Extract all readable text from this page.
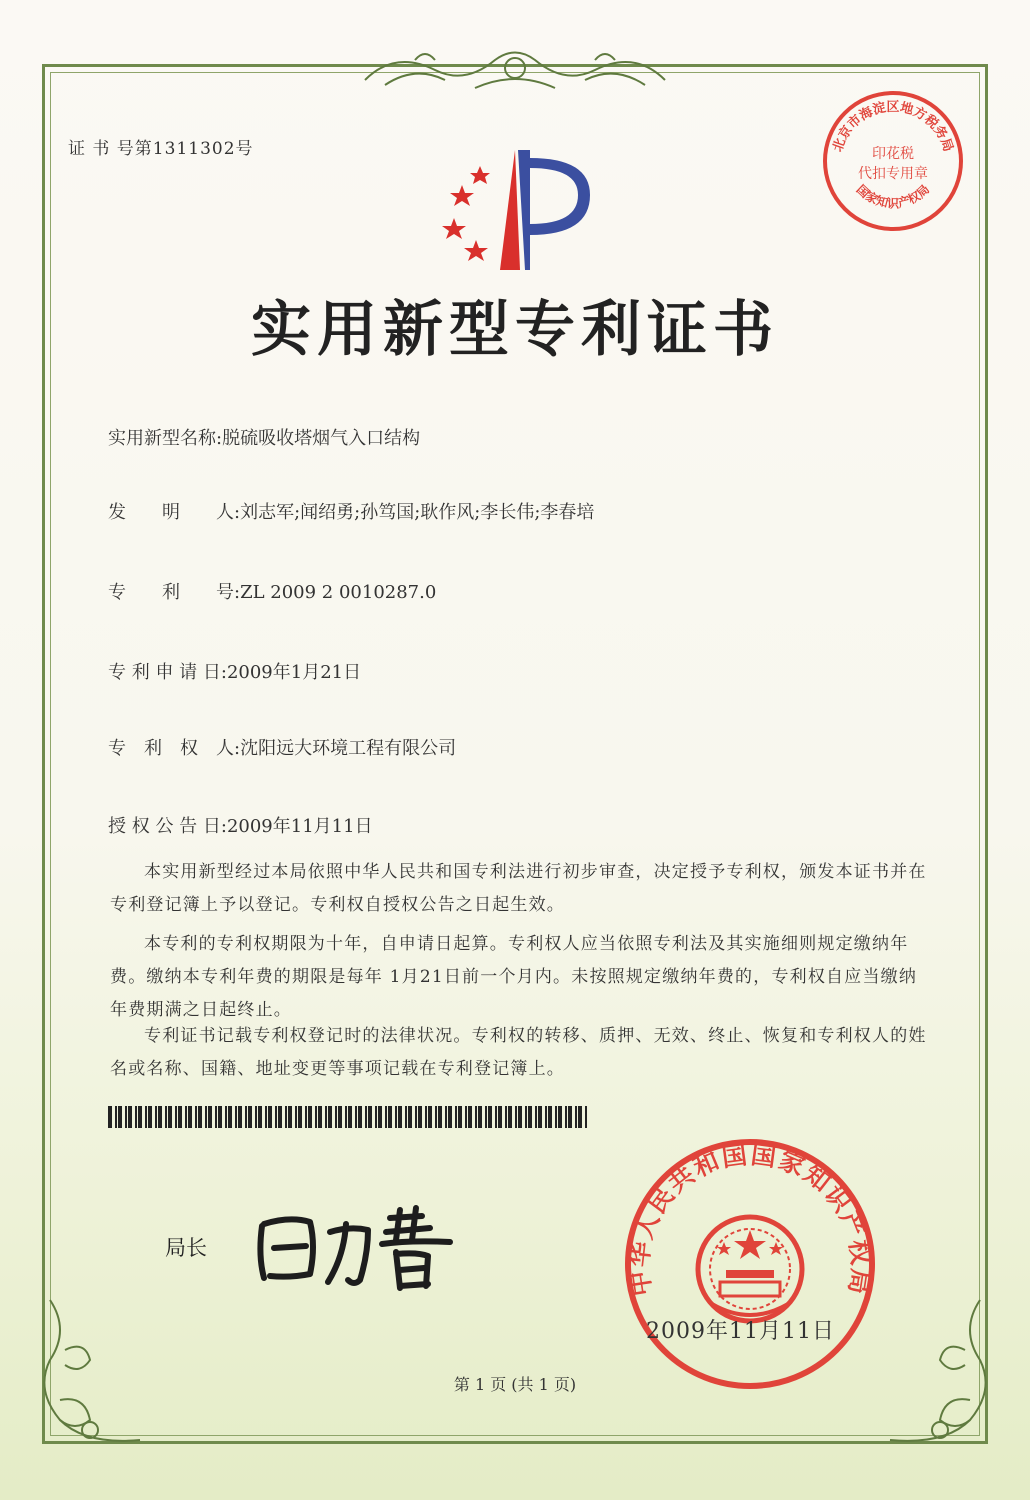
证 书 号第1311302号	北京市海淀区地方税务局
印花税
代扣专用章
国家知识产权局
实用新型专利证书
实用新型名称:脱硫吸收塔烟气入口结构
发　　明　　人:刘志军;闻绍勇;孙笃国;耿作风;李长伟;李春培
专　　利　　号:ZL 2009 2 0010287.0
专 利 申 请 日:2009年1月21日
专　利　权　人:沈阳远大环境工程有限公司
授 权 公 告 日:2009年11月11日
本实用新型经过本局依照中华人民共和国专利法进行初步审查，决定授予专利权，颁发本证书并在专利登记簿上予以登记。专利权自授权公告之日起生效。
本专利的专利权期限为十年，自申请日起算。专利权人应当依照专利法及其实施细则规定缴纳年费。缴纳本专利年费的期限是每年 1月21日前一个月内。未按照规定缴纳年费的，专利权自应当缴纳年费期满之日起终止。
专利证书记载专利权登记时的法律状况。专利权的转移、质押、无效、终止、恢复和专利权人的姓名或名称、国籍、地址变更等事项记载在专利登记簿上。
局长
田力普
中华人民共和国国家知识产权局
2009年11月11日
第 1 页 (共 1 页)
